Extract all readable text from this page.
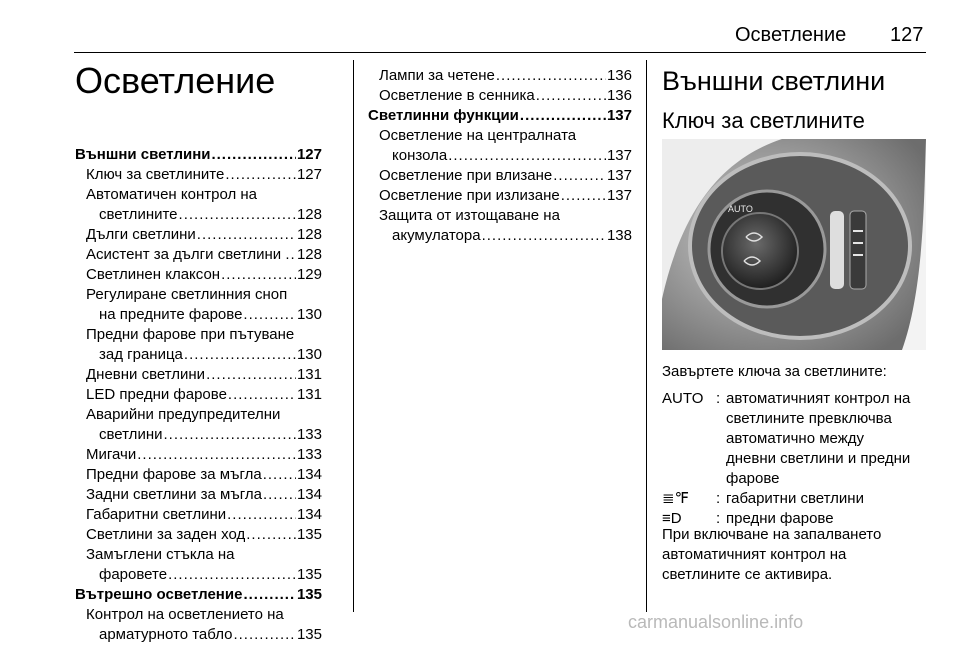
Осветление 127
Осветление
Външни светлини .....	127
Ключ за светлините .....	127
Автоматичен контрол на
светлините .....	128
Дълги светлини .....	128
Асистент за дълги светлини . ..... 128
Светлинен клаксон .....	129
Регулиране светлинния сноп
на предните фарове .....	130
Предни фарове при пътуване
зад граница .....	130
Дневни светлини .....	131
LED предни фарове .....	131
Аварийни предупредителни
светлини .....	133
Мигачи .....	133
Предни фарове за мъгла ..... 134
Задни светлини за мъгла ..... 134
Габаритни светлини .....	134
Светлини за заден ход .....	135
Замъглени стъкла на
фаровете .....	135
Вътрешно осветление .....	135
Контрол на осветлението на
арматурното табло .....	135
Лампи за четене .....	136
Осветление в сенника .....	136
Светлинни функции .....	137
Осветление на централната
конзола .....	137
Осветление при влизане .....	137
Осветление при излизане .....	137
Защита от изтощаване на
акумулатора .....	138
Външни светлини
Ключ за светлините
AUTO
Завъртете ключа за светлините:
AUTO : автоматичният контрол на
светлините превключва
автоматично между
дневни светлини и предни
фарове
≣℉	: габаритни светлини
≡D	: предни фарове
При включване на запалването
автоматичният контрол на
светлините се активира.
carmanualsonline.info
